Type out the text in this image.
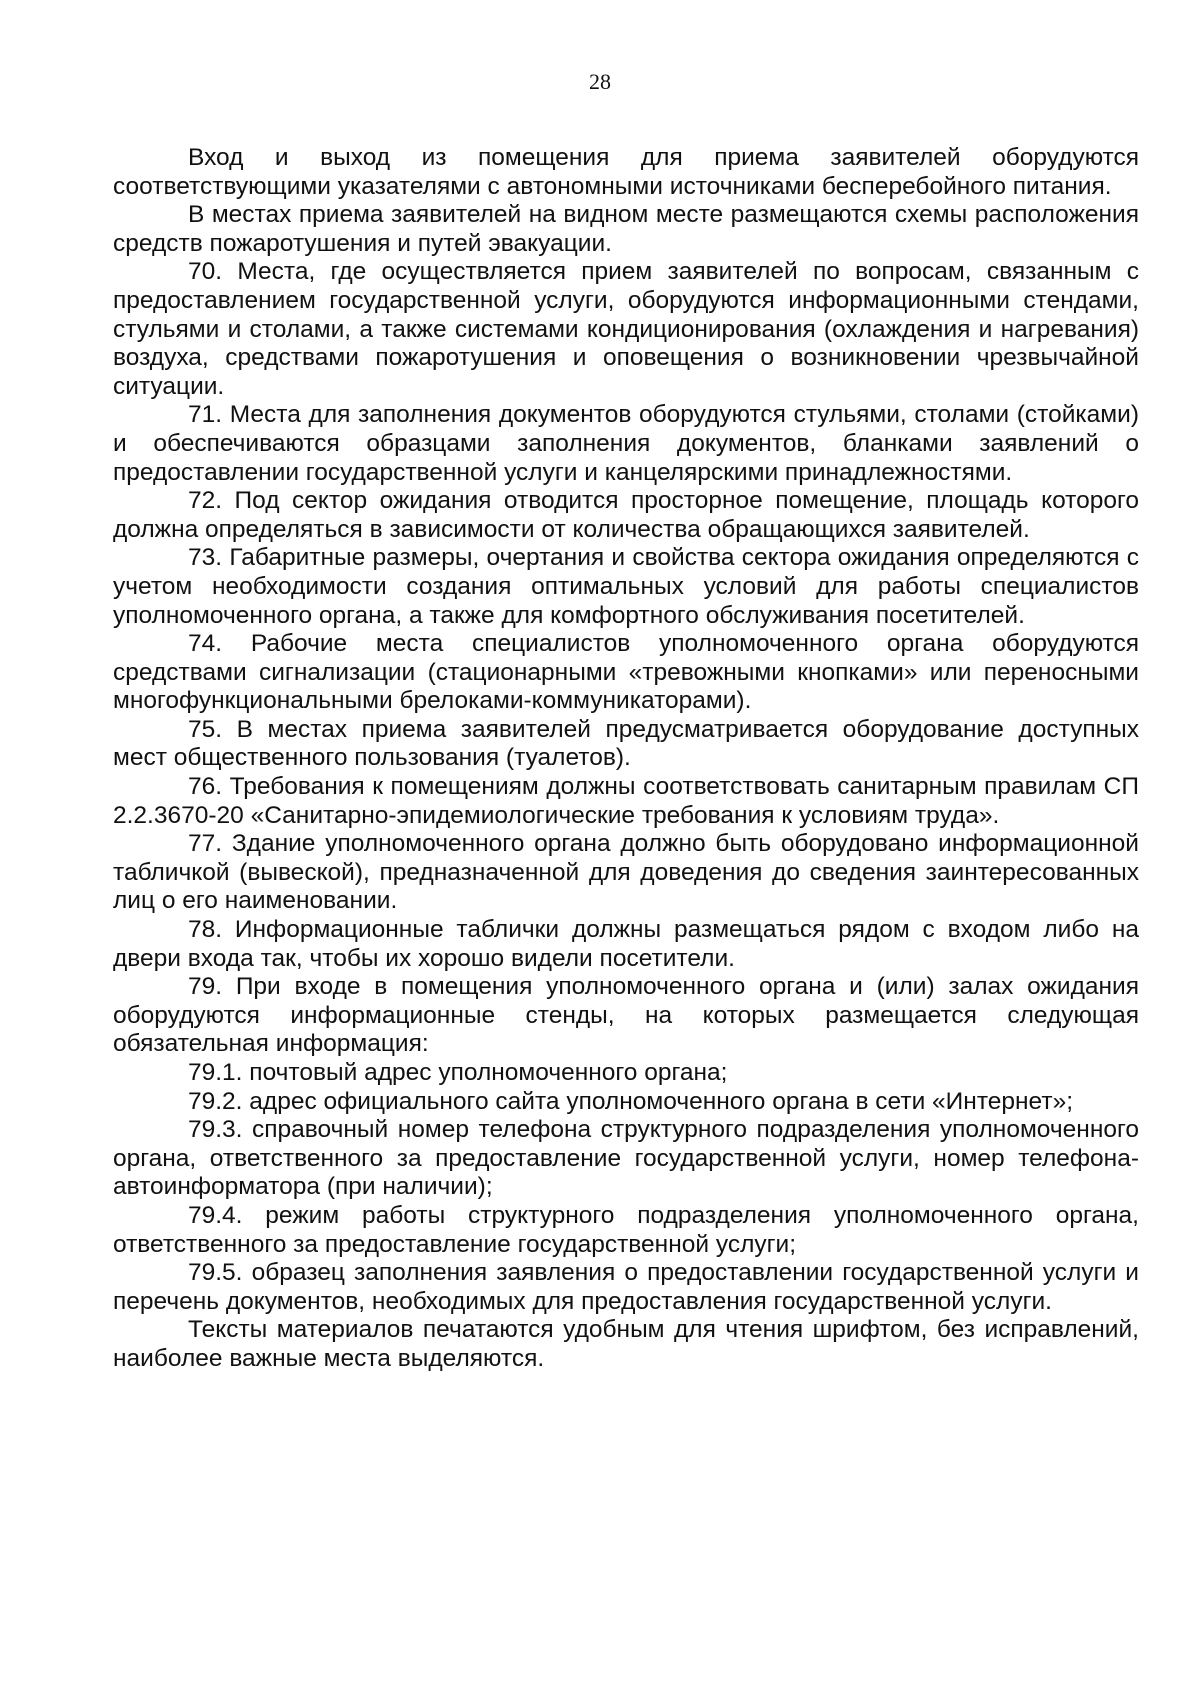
28

Вход и выход из помещения для приема заявителей оборудуются соответствующими указателями с автономными источниками бесперебойного питания.

В местах приема заявителей на видном месте размещаются схемы расположения средств пожаротушения и путей эвакуации.

70. Места, где осуществляется прием заявителей по вопросам, связанным с предоставлением государственной услуги, оборудуются информационными стендами, стульями и столами, а также системами кондиционирования (охлаждения и нагревания) воздуха, средствами пожаротушения и оповещения о возникновении чрезвычайной ситуации.

71. Места для заполнения документов оборудуются стульями, столами (стойками) и обеспечиваются образцами заполнения документов, бланками заявлений о предоставлении государственной услуги и канцелярскими принадлежностями.

72. Под сектор ожидания отводится просторное помещение, площадь которого должна определяться в зависимости от количества обращающихся заявителей.

73. Габаритные размеры, очертания и свойства сектора ожидания определяются с учетом необходимости создания оптимальных условий для работы специалистов уполномоченного органа, а также для комфортного обслуживания посетителей.

74. Рабочие места специалистов уполномоченного органа оборудуются средствами сигнализации (стационарными «тревожными кнопками» или переносными многофункциональными брелоками-коммуникаторами).

75. В местах приема заявителей предусматривается оборудование доступных мест общественного пользования (туалетов).

76. Требования к помещениям должны соответствовать санитарным правилам СП 2.2.3670-20 «Санитарно-эпидемиологические требования к условиям труда».

77. Здание уполномоченного органа должно быть оборудовано информационной табличкой (вывеской), предназначенной для доведения до сведения заинтересованных лиц о его наименовании.

78. Информационные таблички должны размещаться рядом с входом либо на двери входа так, чтобы их хорошо видели посетители.

79. При входе в помещения уполномоченного органа и (или) залах ожидания оборудуются информационные стенды, на которых размещается следующая обязательная информация:

79.1. почтовый адрес уполномоченного органа;

79.2. адрес официального сайта уполномоченного органа в сети «Интернет»;

79.3. справочный номер телефона структурного подразделения уполномоченного органа, ответственного за предоставление государственной услуги, номер телефона-автоинформатора (при наличии);

79.4. режим работы структурного подразделения уполномоченного органа, ответственного за предоставление государственной услуги;

79.5. образец заполнения заявления о предоставлении государственной услуги и перечень документов, необходимых для предоставления государственной услуги.

Тексты материалов печатаются удобным для чтения шрифтом, без исправлений, наиболее важные места выделяются.
